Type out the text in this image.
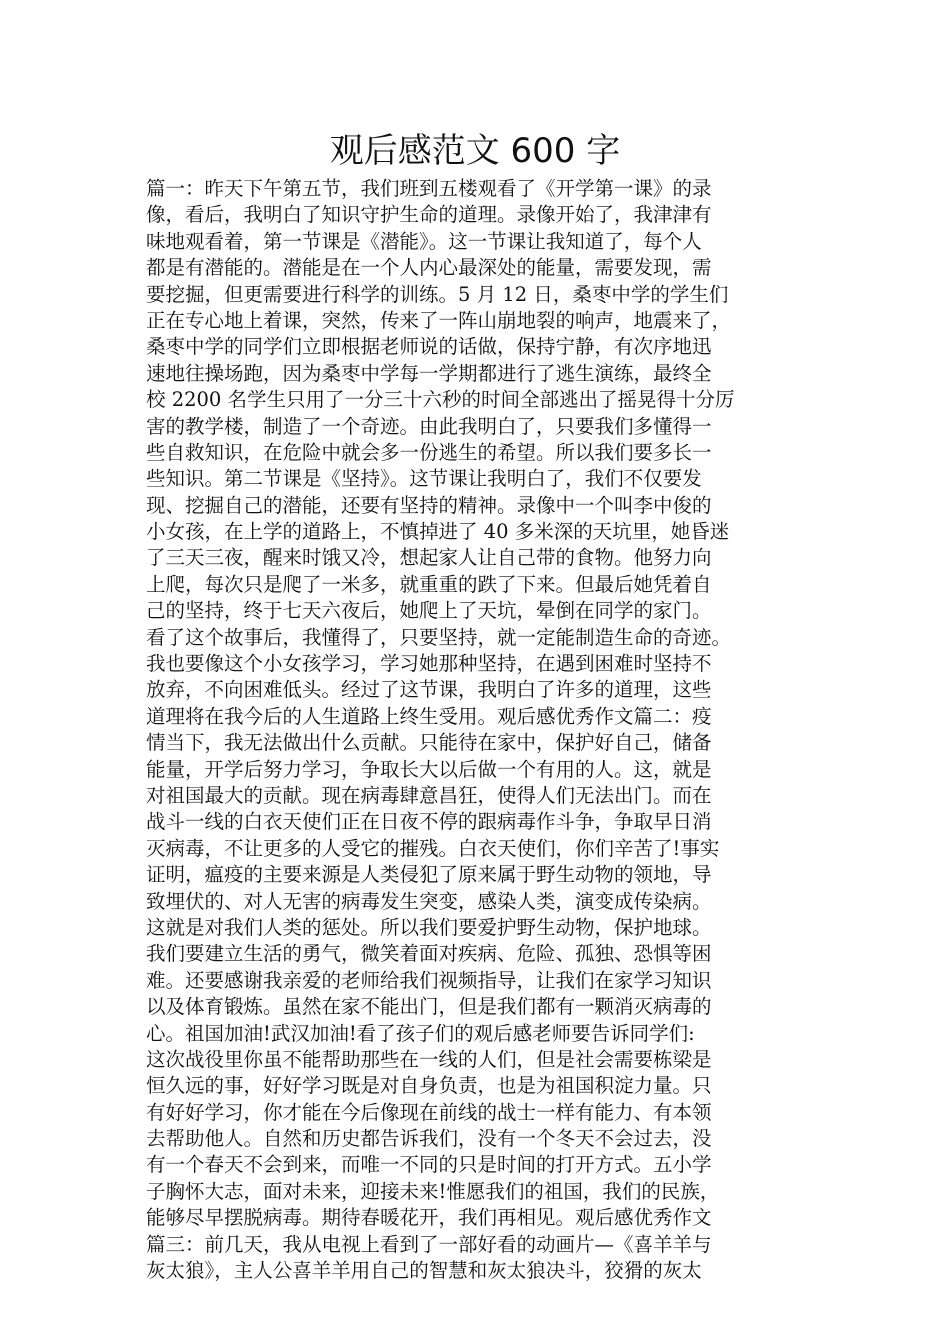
观后感范文 600 字
篇一：昨天下午第五节，我们班到五楼观看了《开学第一课》的录
像，看后，我明白了知识守护生命的道理。录像开始了，我津津有
味地观看着，第一节课是《潜能》。这一节课让我知道了，每个人
都是有潜能的。潜能是在一个人内心最深处的能量，需要发现，需
要挖掘，但更需要进行科学的训练。5 月 12 日，桑枣中学的学生们
正在专心地上着课，突然，传来了一阵山崩地裂的响声，地震来了，
桑枣中学的同学们立即根据老师说的话做，保持宁静，有次序地迅
速地往操场跑，因为桑枣中学每一学期都进行了逃生演练，最终全
校 2200 名学生只用了一分三十六秒的时间全部逃出了摇晃得十分厉
害的教学楼，制造了一个奇迹。由此我明白了，只要我们多懂得一
些自救知识，在危险中就会多一份逃生的希望。所以我们要多长一
些知识。第二节课是《坚持》。这节课让我明白了，我们不仅要发
现、挖掘自己的潜能，还要有坚持的精神。录像中一个叫李中俊的
小女孩，在上学的道路上，不慎掉进了 40 多米深的天坑里，她昏迷
了三天三夜，醒来时饿又冷，想起家人让自己带的食物。他努力向
上爬，每次只是爬了一米多，就重重的跌了下来。但最后她凭着自
己的坚持，终于七天六夜后，她爬上了天坑，晕倒在同学的家门。
看了这个故事后，我懂得了，只要坚持，就一定能制造生命的奇迹。
我也要像这个小女孩学习，学习她那种坚持，在遇到困难时坚持不
放弃，不向困难低头。经过了这节课，我明白了许多的道理，这些
道理将在我今后的人生道路上终生受用。观后感优秀作文篇二：疫
情当下，我无法做出什么贡献。只能待在家中，保护好自己，储备
能量，开学后努力学习，争取长大以后做一个有用的人。这，就是
对祖国最大的贡献。现在病毒肆意昌狂，使得人们无法出门。而在
战斗一线的白衣天使们正在日夜不停的跟病毒作斗争，争取早日消
灭病毒，不让更多的人受它的摧残。白衣天使们，你们辛苦了!事实
证明，瘟疫的主要来源是人类侵犯了原来属于野生动物的领地，导
致埋伏的、对人无害的病毒发生突变，感染人类，演变成传染病。
这就是对我们人类的惩处。所以我们要爱护野生动物，保护地球。
我们要建立生活的勇气，微笑着面对疾病、危险、孤独、恐惧等困
难。还要感谢我亲爱的老师给我们视频指导，让我们在家学习知识
以及体育锻炼。虽然在家不能出门，但是我们都有一颗消灭病毒的
心。祖国加油!武汉加油!看了孩子们的观后感老师要告诉同学们:
这次战役里你虽不能帮助那些在一线的人们，但是社会需要栋梁是
恒久远的事，好好学习既是对自身负责，也是为祖国积淀力量。只
有好好学习，你才能在今后像现在前线的战士一样有能力、有本领
去帮助他人。自然和历史都告诉我们，没有一个冬天不会过去，没
有一个春天不会到来，而唯一不同的只是时间的打开方式。五小学
子胸怀大志，面对未来，迎接未来!惟愿我们的祖国，我们的民族，
能够尽早摆脱病毒。期待春暖花开，我们再相见。观后感优秀作文
篇三：前几天，我从电视上看到了一部好看的动画片—《喜羊羊与
灰太狼》，主人公喜羊羊用自己的智慧和灰太狼决斗，狡猾的灰太
